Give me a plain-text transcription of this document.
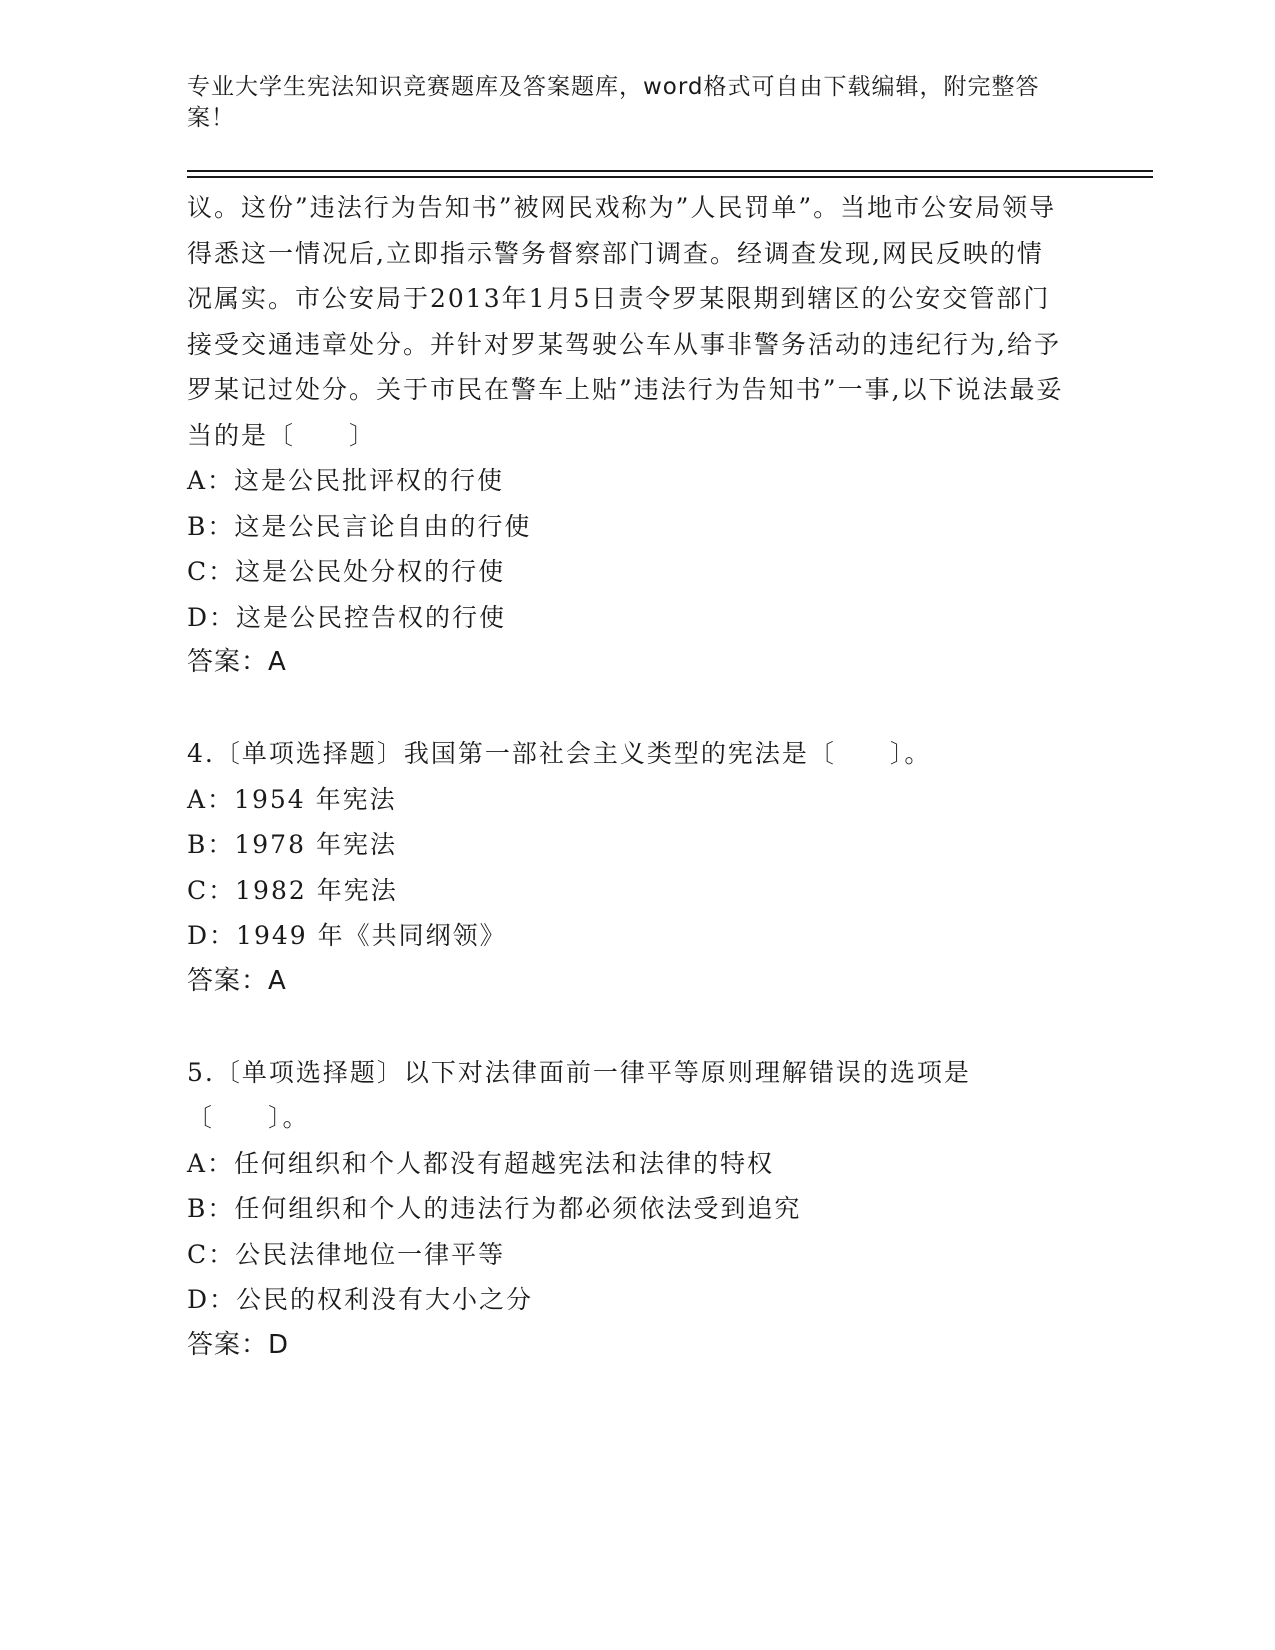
专业大学生宪法知识竞赛题库及答案题库，word格式可自由下载编辑，附完整答案！

议。这份”违法行为告知书”被网民戏称为”人民罚单”。当地市公安局领导得悉这一情况后,立即指示警务督察部门调查。经调查发现,网民反映的情况属实。市公安局于2013年1月5日责令罗某限期到辖区的公安交管部门接受交通违章处分。并针对罗某驾驶公车从事非警务活动的违纪行为,给予罗某记过处分。关于市民在警车上贴”违法行为告知书”一事,以下说法最妥当的是〔　　〕

A：这是公民批评权的行使
B：这是公民言论自由的行使
C：这是公民处分权的行使
D：这是公民控告权的行使
答案：A

4.〔单项选择题〕我国第一部社会主义类型的宪法是〔　　〕。

A：1954 年宪法
B：1978 年宪法
C：1982 年宪法
D：1949 年《共同纲领》
答案：A

5.〔单项选择题〕以下对法律面前一律平等原则理解错误的选项是〔　　〕。

A：任何组织和个人都没有超越宪法和法律的特权
B：任何组织和个人的违法行为都必须依法受到追究
C：公民法律地位一律平等
D：公民的权利没有大小之分
答案：D
